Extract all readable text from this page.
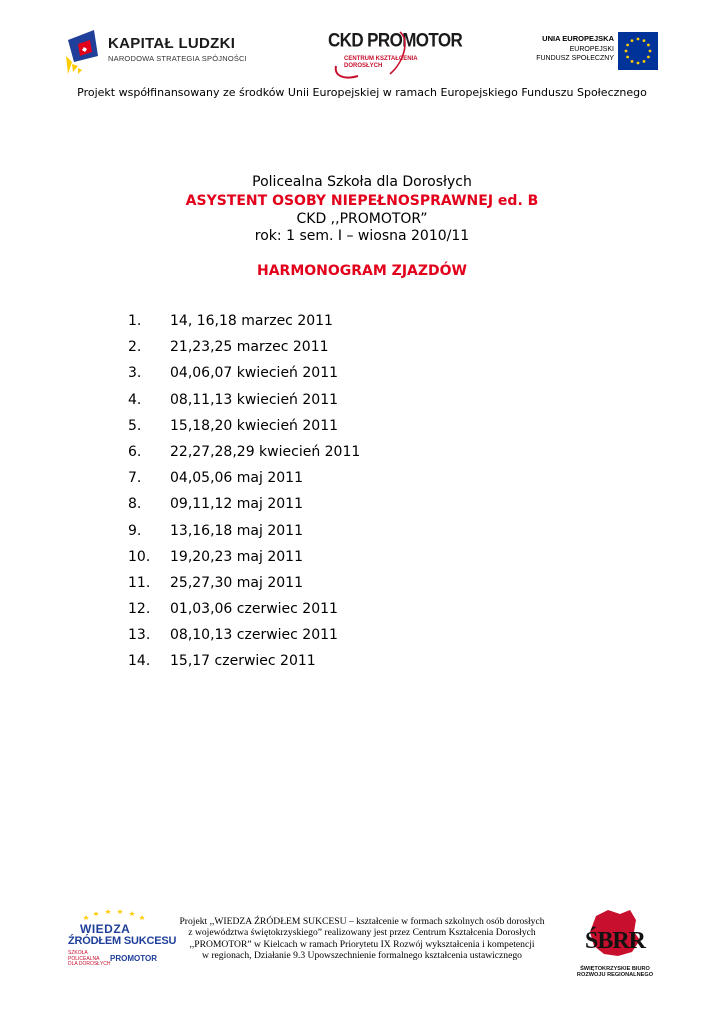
KAPITAŁ LUDZKI
NARODOWA STRATEGIA SPÓJNOŚCI
CKD PROMOTOR
CENTRUM KSZTAŁCENIA
DOROSŁYCH
UNIA EUROPEJSKA
EUROPEJSKI
FUNDUSZ SPOŁECZNY
Projekt współfinansowany ze środków Unii Europejskiej w ramach Europejskiego Funduszu Społecznego
Policealna Szkoła dla Dorosłych
ASYSTENT OSOBY NIEPEŁNOSPRAWNEJ ed. B
CKD ,,PROMOTOR”
rok: 1 sem. I – wiosna 2010/11
HARMONOGRAM ZJAZDÓW
1. 14, 16,18 marzec 2011
2. 21,23,25 marzec 2011
3. 04,06,07 kwiecień 2011
4. 08,11,13 kwiecień 2011
5. 15,18,20 kwiecień 2011
6. 22,27,28,29 kwiecień 2011
7. 04,05,06 maj 2011
8. 09,11,12 maj 2011
9. 13,16,18 maj 2011
10. 19,20,23 maj 2011
11. 25,27,30 maj 2011
12. 01,03,06 czerwiec 2011
13. 08,10,13 czerwiec 2011
14. 15,17 czerwiec 2011
WIEDZA
ŹRÓDŁEM SUKCESU
SZKOŁA
POLICEALNA
DLA DOROSŁYCH
PROMOTOR
Projekt ,,WIEDZA ŹRÓDŁEM SUKCESU – kształcenie w formach szkolnych osób dorosłych
z województwa świętokrzyskiego” realizowany jest przez Centrum Kształcenia Dorosłych
,,PROMOTOR” w Kielcach w ramach Priorytetu IX Rozwój wykształcenia i kompetencji
w regionach, Działanie 9.3 Upowszechnienie formalnego kształcenia ustawicznego
ŚBRR
ŚWIĘTOKRZYSKIE BIURO
ROZWOJU REGIONALNEGO
